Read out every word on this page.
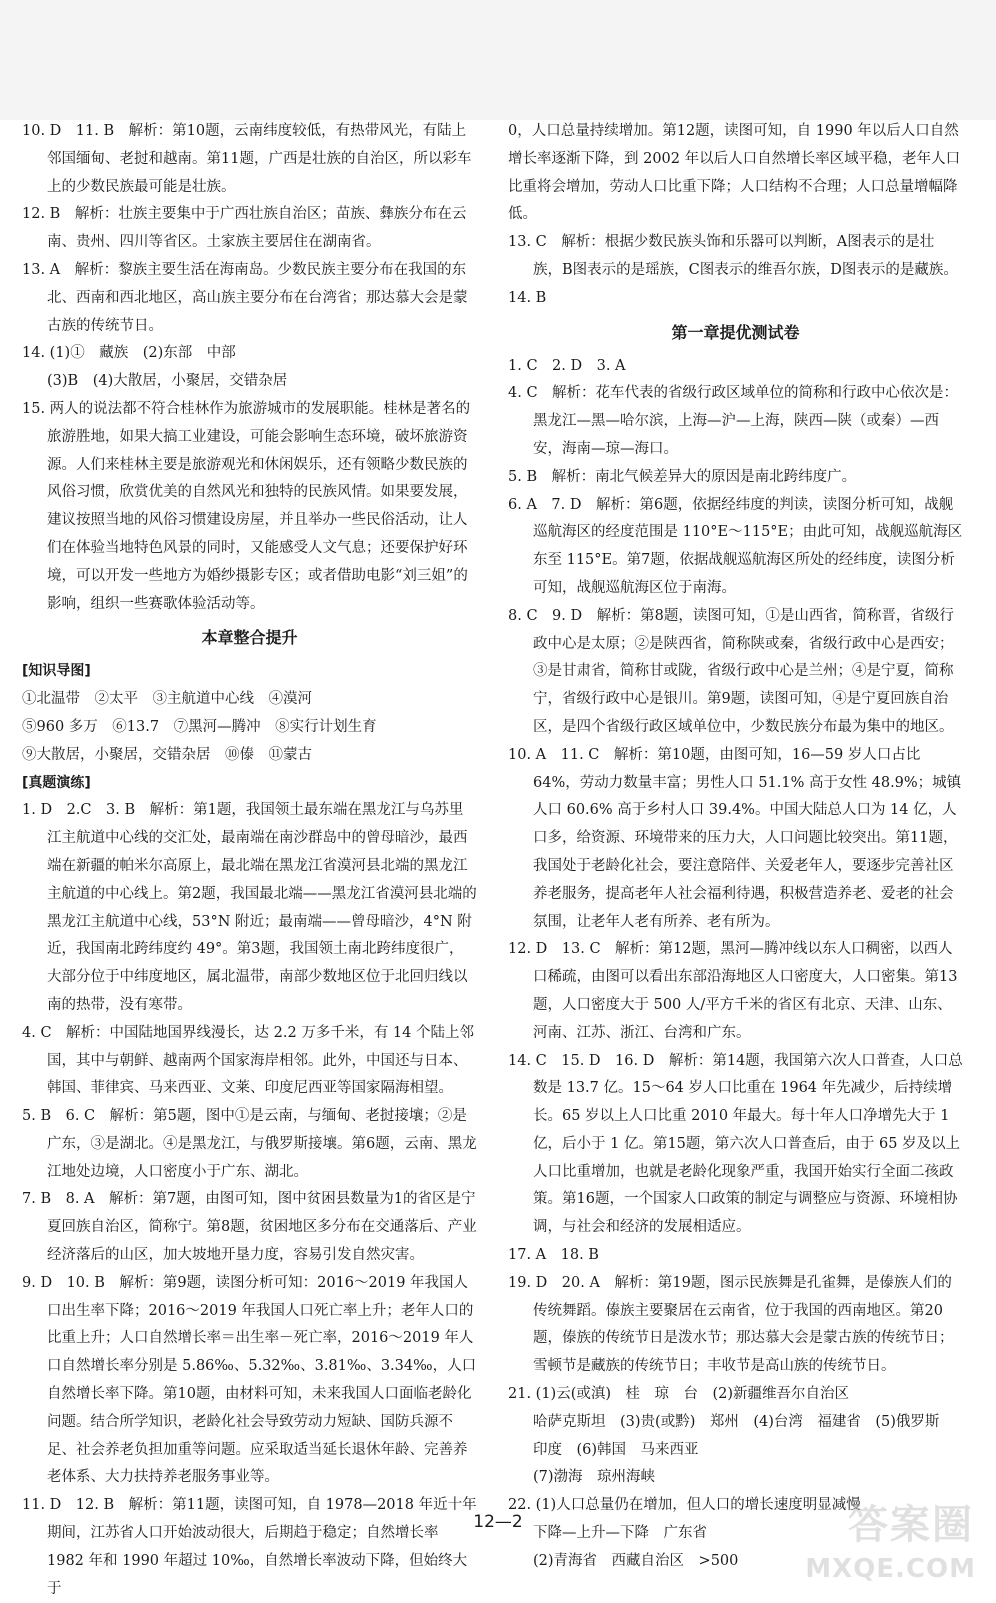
10. D　11. B　解析：第10题，云南纬度较低，有热带风光，有陆上邻国缅甸、老挝和越南。第11题，广西是壮族的自治区，所以彩车上的少数民族最可能是壮族。

12. B　解析：壮族主要集中于广西壮族自治区；苗族、彝族分布在云南、贵州、四川等省区。土家族主要居住在湖南省。

13. A　解析：黎族主要生活在海南岛。少数民族主要分布在我国的东北、西南和西北地区，高山族主要分布在台湾省；那达慕大会是蒙古族的传统节日。

14. (1)①　藏族　(2)东部　中部

(3)B　(4)大散居，小聚居，交错杂居

15. 两人的说法都不符合桂林作为旅游城市的发展职能。桂林是著名的旅游胜地，如果大搞工业建设，可能会影响生态环境，破坏旅游资源。人们来桂林主要是旅游观光和休闲娱乐，还有领略少数民族的风俗习惯，欣赏优美的自然风光和独特的民族风情。如果要发展，建议按照当地的风俗习惯建设房屋，并且举办一些民俗活动，让人们在体验当地特色风景的同时，又能感受人文气息；还要保护好环境，可以开发一些地方为婚纱摄影专区；或者借助电影“刘三姐”的影响，组织一些赛歌体验活动等。

本章整合提升

[知识导图]

①北温带　②太平　③主航道中心线　④漠河

⑤960 多万　⑥13.7　⑦黑河—腾冲　⑧实行计划生育

⑨大散居，小聚居，交错杂居　⑩傣　⑪蒙古

[真题演练]

1. D　2.C　3. B　解析：第1题，我国领土最东端在黑龙江与乌苏里江主航道中心线的交汇处，最南端在南沙群岛中的曾母暗沙，最西端在新疆的帕米尔高原上，最北端在黑龙江省漠河县北端的黑龙江主航道的中心线上。第2题，我国最北端——黑龙江省漠河县北端的黑龙江主航道中心线，53°N 附近；最南端——曾母暗沙，4°N 附近，我国南北跨纬度约 49°。第3题，我国领土南北跨纬度很广，大部分位于中纬度地区，属北温带，南部少数地区位于北回归线以南的热带，没有寒带。

4. C　解析：中国陆地国界线漫长，达 2.2 万多千米，有 14 个陆上邻国，其中与朝鲜、越南两个国家海岸相邻。此外，中国还与日本、韩国、菲律宾、马来西亚、文莱、印度尼西亚等国家隔海相望。

5. B　6. C　解析：第5题，图中①是云南，与缅甸、老挝接壤；②是广东，③是湖北。④是黑龙江，与俄罗斯接壤。第6题，云南、黑龙江地处边境，人口密度小于广东、湖北。

7. B　8. A　解析：第7题，由图可知，图中贫困县数量为1的省区是宁夏回族自治区，简称宁。第8题，贫困地区多分布在交通落后、产业经济落后的山区，加大坡地开垦力度，容易引发自然灾害。

9. D　10. B　解析：第9题，读图分析可知：2016～2019 年我国人口出生率下降；2016～2019 年我国人口死亡率上升；老年人口的比重上升；人口自然增长率＝出生率－死亡率，2016～2019 年人口自然增长率分别是 5.86‰、5.32‰、3.81‰、3.34‰，人口自然增长率下降。第10题，由材料可知，未来我国人口面临老龄化问题。结合所学知识，老龄化社会导致劳动力短缺、国防兵源不足、社会养老负担加重等问题。应采取适当延长退休年龄、完善养老体系、大力扶持养老服务事业等。

11. D　12. B　解析：第11题，读图可知，自 1978—2018 年近十年期间，江苏省人口开始波动很大，后期趋于稳定；自然增长率 1982 年和 1990 年超过 10‰，自然增长率波动下降，但始终大于

0，人口总量持续增加。第12题，读图可知，自 1990 年以后人口自然增长率逐渐下降，到 2002 年以后人口自然增长率区域平稳，老年人口比重将会增加，劳动人口比重下降；人口结构不合理；人口总量增幅降低。

13. C　解析：根据少数民族头饰和乐器可以判断，A图表示的是壮族，B图表示的是瑶族，C图表示的维吾尔族，D图表示的是藏族。

14. B

第一章提优测试卷

1. C　2. D　3. A

4. C　解析：花车代表的省级行政区域单位的简称和行政中心依次是：黑龙江—黑—哈尔滨，上海—沪—上海，陕西—陕（或秦）—西安，海南—琼—海口。

5. B　解析：南北气候差异大的原因是南北跨纬度广。

6. A　7. D　解析：第6题，依据经纬度的判读，读图分析可知，战舰巡航海区的经度范围是 110°E～115°E；由此可知，战舰巡航海区东至 115°E。第7题，依据战舰巡航海区所处的经纬度，读图分析可知，战舰巡航海区位于南海。

8. C　9. D　解析：第8题，读图可知，①是山西省，简称晋，省级行政中心是太原；②是陕西省，简称陕或秦，省级行政中心是西安；③是甘肃省，简称甘或陇，省级行政中心是兰州；④是宁夏，简称宁，省级行政中心是银川。第9题，读图可知，④是宁夏回族自治区，是四个省级行政区域单位中，少数民族分布最为集中的地区。

10. A　11. C　解析：第10题，由图可知，16—59 岁人口占比 64%，劳动力数量丰富；男性人口 51.1% 高于女性 48.9%；城镇人口 60.6% 高于乡村人口 39.4%。中国大陆总人口为 14 亿，人口多，给资源、环境带来的压力大，人口问题比较突出。第11题，我国处于老龄化社会，要注意陪伴、关爱老年人，要逐步完善社区养老服务，提高老年人社会福利待遇，积极营造养老、爱老的社会氛围，让老年人老有所养、老有所为。

12. D　13. C　解析：第12题，黑河—腾冲线以东人口稠密，以西人口稀疏，由图可以看出东部沿海地区人口密度大，人口密集。第13题，人口密度大于 500 人/平方千米的省区有北京、天津、山东、河南、江苏、浙江、台湾和广东。

14. C　15. D　16. D　解析：第14题，我国第六次人口普查，人口总数是 13.7 亿。15～64 岁人口比重在 1964 年先减少，后持续增长。65 岁以上人口比重 2010 年最大。每十年人口净增先大于 1 亿，后小于 1 亿。第15题，第六次人口普查后，由于 65 岁及以上人口比重增加，也就是老龄化现象严重，我国开始实行全面二孩政策。第16题，一个国家人口政策的制定与调整应与资源、环境相协调，与社会和经济的发展相适应。

17. A　18. B

19. D　20. A　解析：第19题，图示民族舞是孔雀舞，是傣族人们的传统舞蹈。傣族主要聚居在云南省，位于我国的西南地区。第20题，傣族的传统节日是泼水节；那达慕大会是蒙古族的传统节日；雪顿节是藏族的传统节日；丰收节是高山族的传统节日。

21. (1)云(或滇)　桂　琼　台　(2)新疆维吾尔自治区

哈萨克斯坦　(3)贵(或黔)　郑州　(4)台湾　福建省　(5)俄罗斯　印度　(6)韩国　马来西亚

(7)渤海　琼州海峡

22. (1)人口总量仍在增加，但人口的增长速度明显减慢

下降—上升—下降　广东省

(2)青海省　西藏自治区　>500

12—2	答案圈
MXQE.COM
